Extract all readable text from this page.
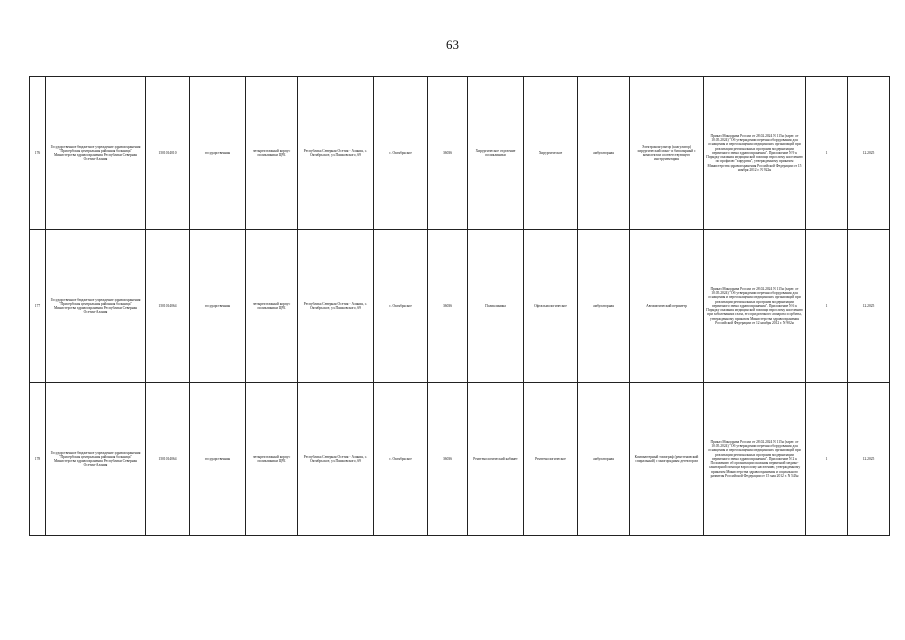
63
176	Государственное бюджетное учреждение здравоохранения "Присербская центральная районная больница" Министерства здравоохранения Республики Северная Осетия-Алания	1501014010	государственная	четырехэтажный корпус поликлиники ЦРБ	Республика Северная Осетия - Алания, с. Октябрьское, ул.Пашковского, 69	с. Октябрьское	36036	Хирургическое отделение поликлиники	Хирургическое	амбулаторная	Электрокоагулятор (коагулятор) хирургический моно- и биполярный с комплектом соответствующего инструментария	Приказ Минздрава России от 28.02.2024 N 115н (зарег. от 10.05.2024) "Об утверждении перечня оборудования для оснащения и переоснащения медицинских организаций при реализации региональных программ модернизации первичного звена здравоохранения". Приложение N 9 к Порядку оказания медицинской помощи взрослому населению по профилю "хирургия", утвержденному приказом Министерства здравоохранения Российской Федерации от 15 ноября 2012 г. N 922н	1	12.2025
177	Государственное бюджетное учреждение здравоохранения "Присербская центральная районная больница" Министерства здравоохранения Республики Северная Осетия-Алания	1501014064	государственная	четырехэтажный корпус поликлиники ЦРБ	Республика Северная Осетия - Алания, с. Октябрьское, ул.Пашковского, 69	с. Октябрьское	36036	Поликлиника	Офтальмологическое	амбулаторная	Автоматический периметр	Приказ Минздрава России от 28.02.2024 N 115н (зарег. от 10.05.2024) "Об утверждении перечня оборудования для оснащения и переоснащения медицинских организаций при реализации региональных программ модернизации первичного звена здравоохранения". Приложение N 6 к Порядку оказания медицинской помощи взрослому населению при заболеваниях глаза, его придаточного аппарата и орбиты, утвержденному приказом Министерства здравоохранения Российской Федерации от 12 ноября 2012 г. N 902н	1	12.2025
178	Государственное бюджетное учреждение здравоохранения "Присербская центральная районная больница" Министерства здравоохранения Республики Северная Осетия-Алания	1501014064	государственная	четырехэтажный корпус поликлиники ЦРБ	Республика Северная Осетия - Алания, с. Октябрьское, ул.Пашковского, 69	с. Октябрьское	36036	Рентгенологический кабинет	Рентгенологическое	амбулаторная	Компьютерный томограф (рентгеновский спиральный) с многорядным детектором	Приказ Минздрава России от 28.02.2024 N 115н (зарег. от 10.05.2024) "Об утверждении перечня оборудования для оснащения и переоснащения медицинских организаций при реализации региональных программ модернизации первичного звена здравоохранения". Приложение N 2 к Положению об организации оказания первичной медико-санитарной помощи взрослому населению, утвержденному приказом Министерства здравоохранения и социального развития Российской Федерации от 15 мая 2012 г. N 543н	1	12.2025
